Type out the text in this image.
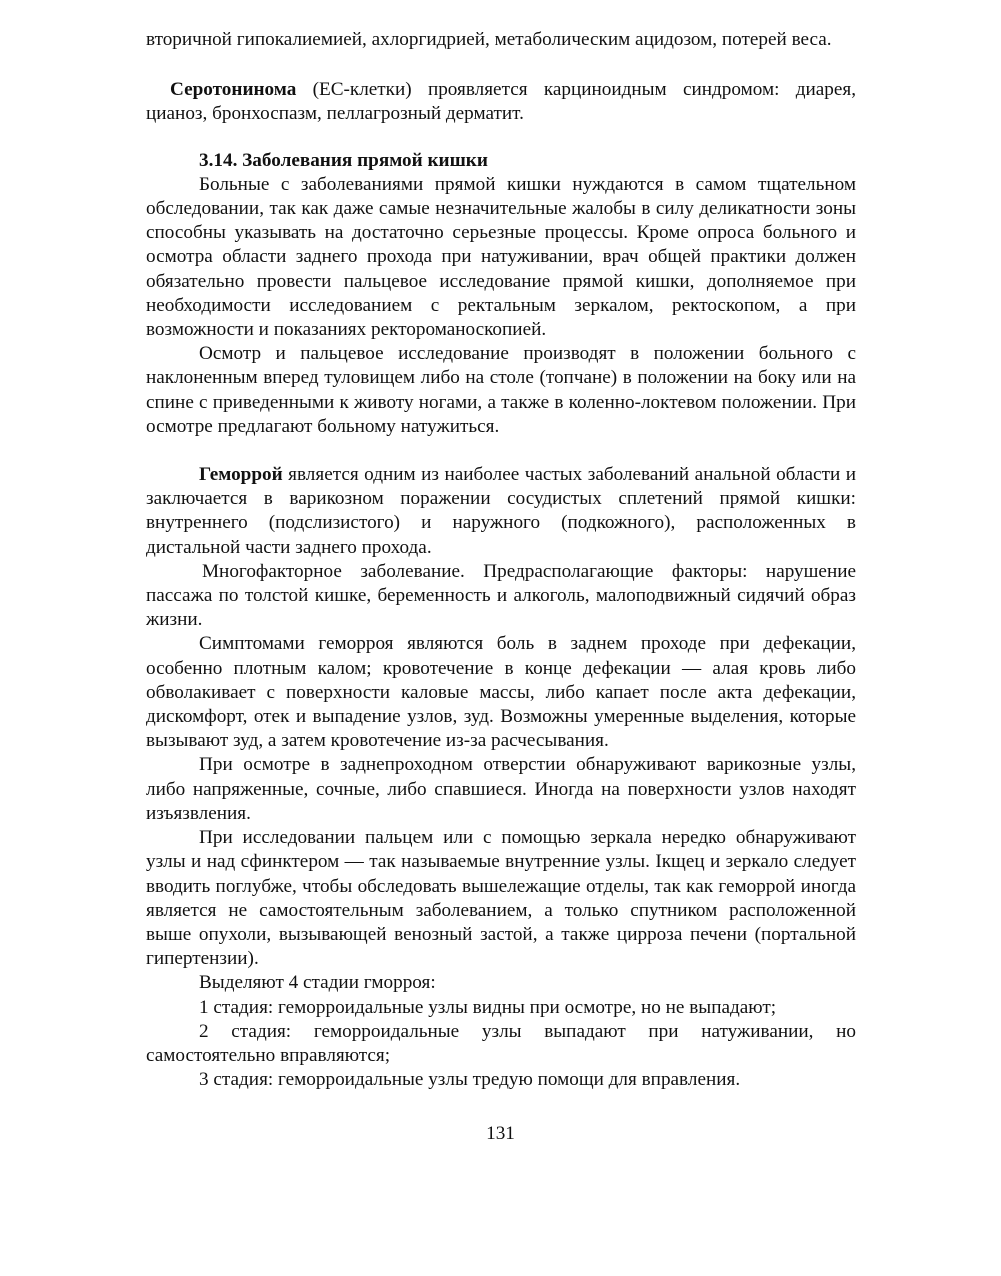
вторичной гипокалиемией, ахлоргидрией, метаболическим ацидозом, потерей веса.

Серотонинома (ЕС-клетки) проявляется карциноидным синдромом: диарея, цианоз, бронхоспазм, пеллагрозный дерматит.

3.14. Заболевания прямой кишки

Больные с заболеваниями прямой кишки нуждаются в самом тщательном обследовании, так как даже самые незначительные жалобы в силу деликатности зоны способны указывать на достаточно серьезные процессы. Кроме опроса больного и осмотра области заднего прохода при натуживании, врач общей практики должен обязательно провести пальцевое исследование прямой кишки, дополняемое при необходимости исследованием с ректальным зеркалом, ректоскопом, а при возможности и показаниях ректороманоскопией.

Осмотр и пальцевое исследование производят в положении больного с наклоненным вперед туловищем либо на столе (топчане) в положении на боку или на спине с приведенными к животу ногами, а также в коленно-локтевом положении. При осмотре предлагают больному натужиться.

Геморрой является одним из наиболее частых заболеваний анальной области и заключается в варикозном поражении сосудистых сплетений прямой кишки: внутреннего (подслизистого) и наружного (подкожного), расположенных в дистальной части заднего прохода.

Многофакторное заболевание. Предрасполагающие факторы: нарушение пассажа по толстой кишке, беременность и алкоголь, малоподвижный сидячий образ жизни.

Симптомами геморроя являются боль в заднем проходе при дефекации, особенно плотным калом; кровотечение в конце дефекации — алая кровь либо обволакивает с поверхности каловые массы, либо капает после акта дефекации, дискомфорт, отек и выпадение узлов, зуд. Возможны умеренные выделения, которые вызывают зуд, а затем кровотечение из-за расчесывания.

При осмотре в заднепроходном отверстии обнаруживают варикозные узлы, либо напряженные, сочные, либо спавшиеся. Иногда на поверхности узлов находят изъязвления.

При исследовании пальцем или с помощью зеркала нередко обнаруживают узлы и над сфинктером — так называемые внутренние узлы. Iкщец и зеркало следует вводить поглубже, чтобы обследовать вышележащие отделы, так как геморрой иногда является не самостоятельным заболеванием, а только спутником расположенной выше опухоли, вызывающей венозный застой, а также цирроза печени (портальной гипертензии).

Выделяют 4 стадии гморроя:

1 стадия: геморроидальные узлы видны при осмотре, но не выпадают;

2 стадия: геморроидальные узлы выпадают при натуживании, но самостоятельно вправляются;

3 стадия: геморроидальные узлы тредую помощи для вправления.

131
